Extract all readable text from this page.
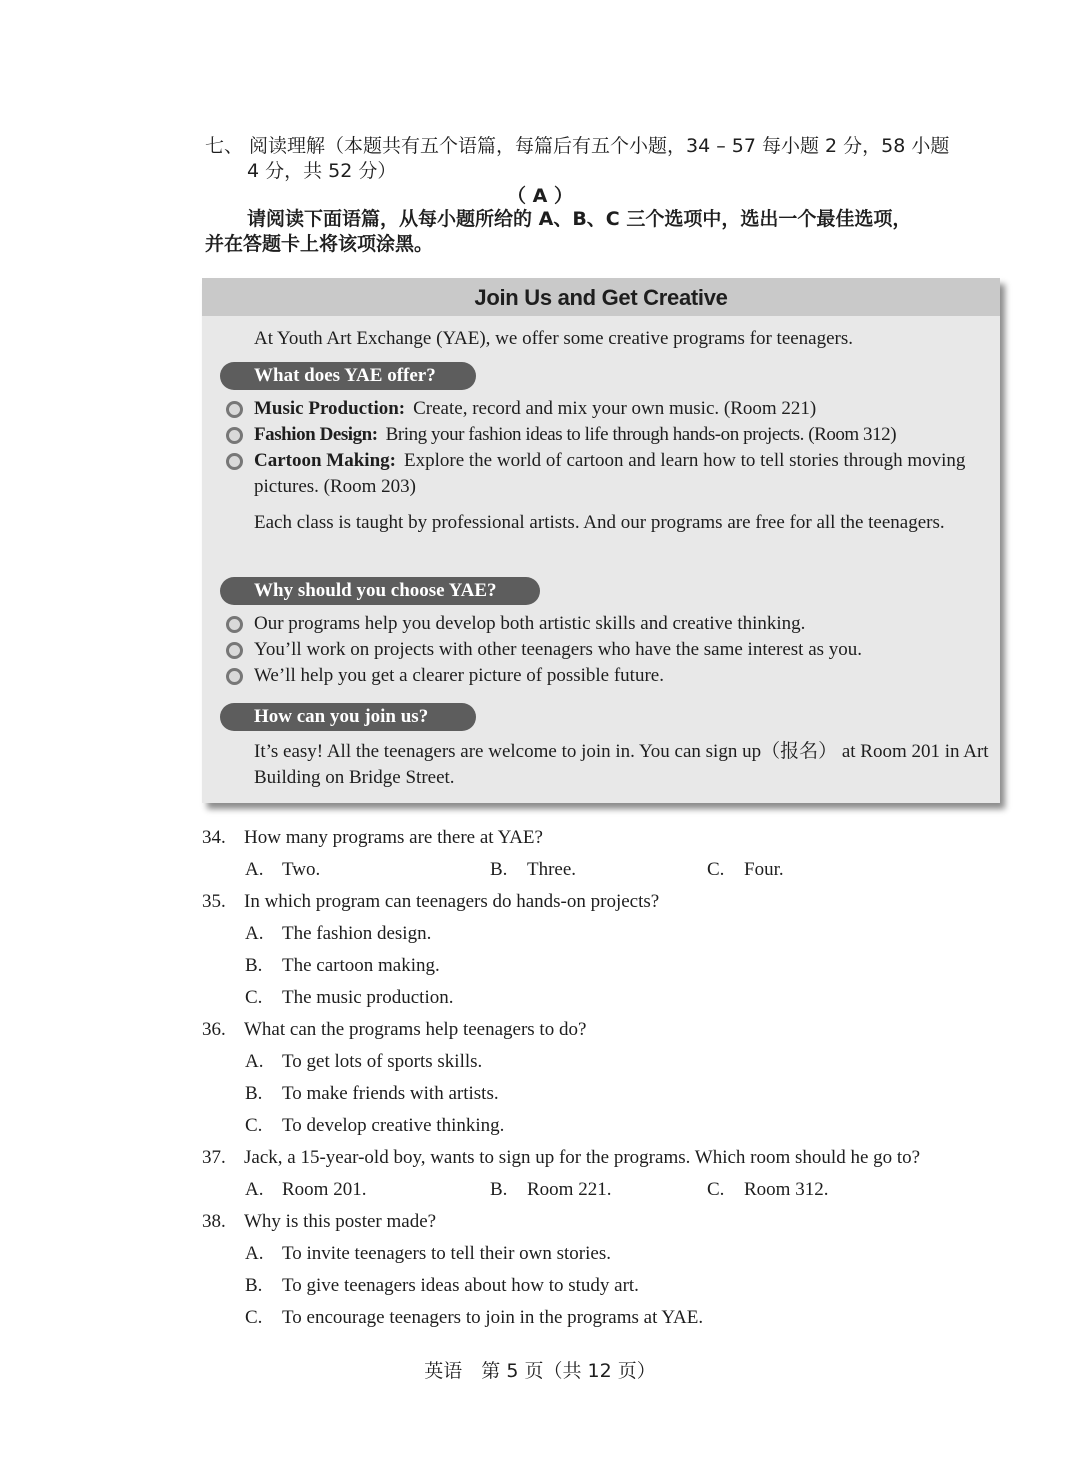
七、 阅读理解（本题共有五个语篇，每篇后有五个小题，34 – 57 每小题 2 分，58 小题
4 分，共 52 分）
（ A ）
请阅读下面语篇，从每小题所给的 A、B、C 三个选项中，选出一个最佳选项，
并在答题卡上将该项涂黑。
Join Us and Get Creative
At Youth Art Exchange (YAE), we offer some creative programs for teenagers.
What does YAE offer?
Music Production: Create, record and mix your own music. (Room 221)
Fashion Design: Bring your fashion ideas to life through hands-on projects. (Room 312)
Cartoon Making: Explore the world of cartoon and learn how to tell stories through moving pictures. (Room 203)
Each class is taught by professional artists. And our programs are free for all the teenagers.
Why should you choose YAE?
Our programs help you develop both artistic skills and creative thinking.
You’ll work on projects with other teenagers who have the same interest as you.
We’ll help you get a clearer picture of possible future.
How can you join us?
It’s easy! All the teenagers are welcome to join in. You can sign up（报名） at Room 201 in Art Building on Bridge Street.
34. How many programs are there at YAE?
A. Two.	B. Three.	C. Four.
35. In which program can teenagers do hands-on projects?
A. The fashion design.
B. The cartoon making.
C. The music production.
36. What can the programs help teenagers to do?
A. To get lots of sports skills.
B. To make friends with artists.
C. To develop creative thinking.
37. Jack, a 15-year-old boy, wants to sign up for the programs. Which room should he go to?
A. Room 201.	B. Room 221.	C. Room 312.
38. Why is this poster made?
A. To invite teenagers to tell their own stories.
B. To give teenagers ideas about how to study art.
C. To encourage teenagers to join in the programs at YAE.
英语　第 5 页（共 12 页）
